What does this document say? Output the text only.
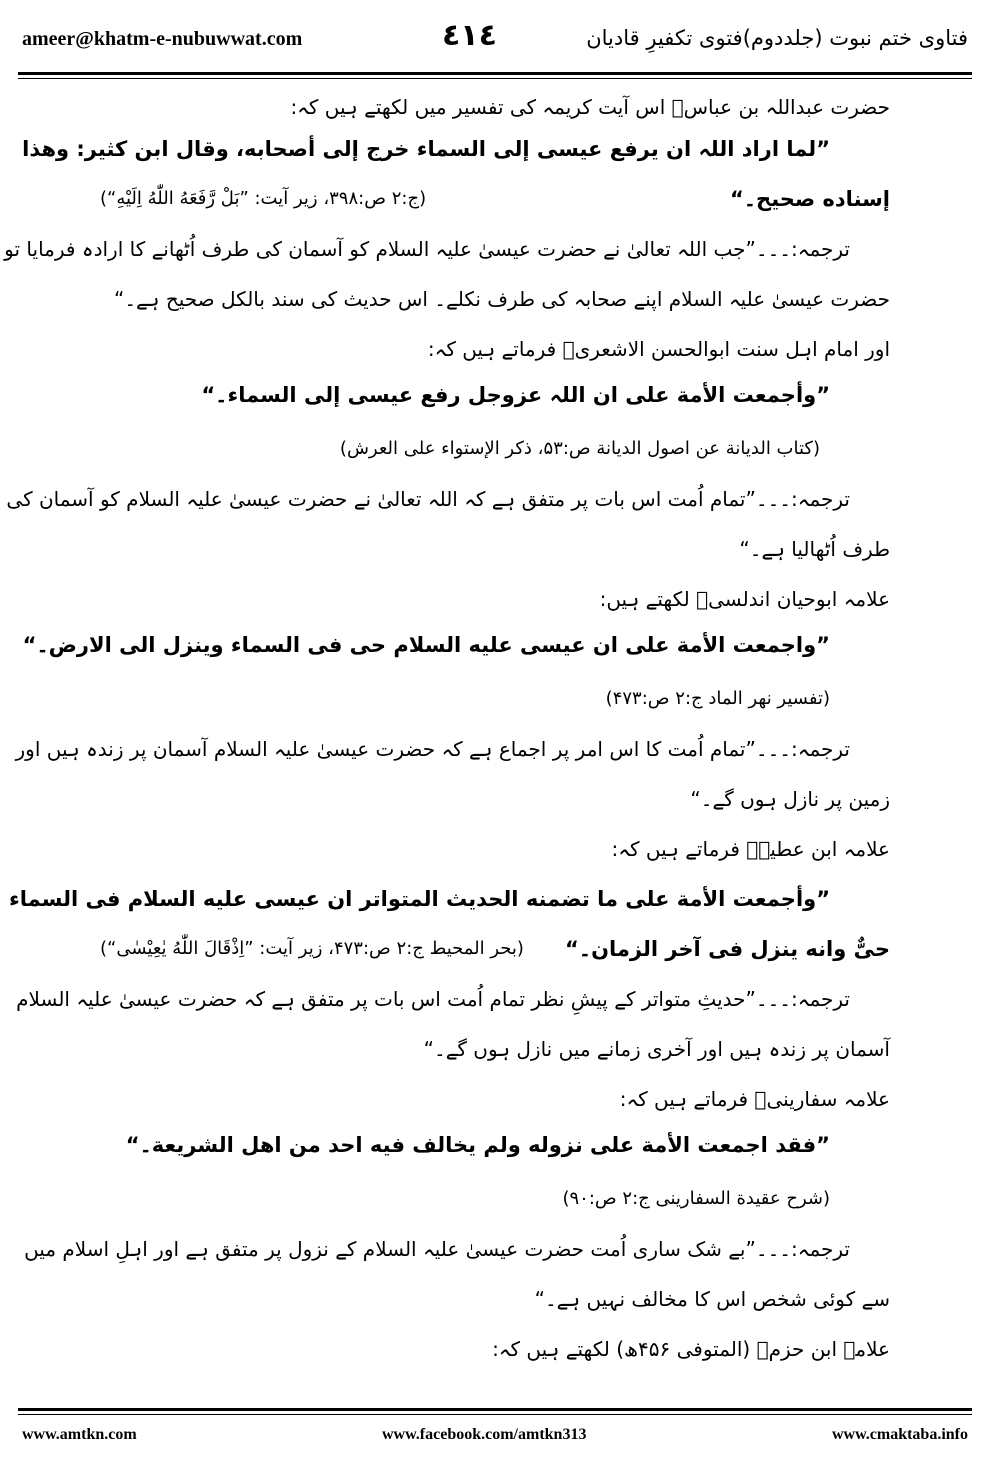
ameer@khatm-e-nubuwwat.com	٤١٤	فتاوی ختم نبوت (جلددوم)فتوی تکفیرِ قادیان
حضرت عبداللہ بن عباسؓ اس آیت کریمہ کی تفسیر میں لکھتے ہیں کہ:
”لما اراد اللہ ان یرفع عیسی إلی السماء خرج إلی أصحابه، وقال ابن کثیر: وهذا
إسناده صحیح۔“
(ج:۲ ص:۳۹۸، زیر آیت: ”بَلْ رَّفَعَهُ اللّٰهُ اِلَیْهِ“)
ترجمہ:۔۔۔”جب اللہ تعالیٰ نے حضرت عیسیٰ علیہ السلام کو آسمان کی طرف اُٹھانے کا ارادہ فرمایا تو
حضرت عیسیٰ علیہ السلام اپنے صحابہ کی طرف نکلے۔ اس حدیث کی سند بالکل صحیح ہے۔“
اور امام اہل سنت ابوالحسن الاشعریؒ فرماتے ہیں کہ:
”وأجمعت الأمة علی ان اللہ عزوجل رفع عیسی إلی السماء۔“
(کتاب الدیانة عن اصول الدیانة ص:۵۳، ذکر الإستواء علی العرش)
ترجمہ:۔۔۔”تمام اُمت اس بات پر متفق ہے کہ اللہ تعالیٰ نے حضرت عیسیٰ علیہ السلام کو آسمان کی
طرف اُٹھالیا ہے۔“
علامہ ابوحیان اندلسیؒ لکھتے ہیں:
”واجمعت الأمة علی ان عیسی علیه السلام حی فی السماء وینزل الی الارض۔“
(تفسیر نهر الماد ج:۲ ص:۴۷۳)
ترجمہ:۔۔۔”تمام اُمت کا اس امر پر اجماع ہے کہ حضرت عیسیٰ علیہ السلام آسمان پر زندہ ہیں اور
زمین پر نازل ہوں گے۔“
علامہ ابن عطیہؒ فرماتے ہیں کہ:
”وأجمعت الأمة علی ما تضمنه الحدیث المتواتر ان عیسی علیه السلام فی السماء
حیٌّ وانه ینزل فی آخر الزمان۔“
(بحر المحیط ج:۲ ص:۴۷۳، زیر آیت: ”اِذْقَالَ اللّٰهُ یٰعِیْسٰی“)
ترجمہ:۔۔۔”حدیثِ متواتر کے پیشِ نظر تمام اُمت اس بات پر متفق ہے کہ حضرت عیسیٰ علیہ السلام
آسمان پر زندہ ہیں اور آخری زمانے میں نازل ہوں گے۔“
علامہ سفارینیؒ فرماتے ہیں کہ:
”فقد اجمعت الأمة علی نزوله ولم یخالف فیه احد من اهل الشریعة۔“
(شرح عقیدة السفارینی ج:۲ ص:۹۰)
ترجمہ:۔۔۔”بے شک ساری اُمت حضرت عیسیٰ علیہ السلام کے نزول پر متفق ہے اور اہلِ اسلام میں
سے کوئی شخص اس کا مخالف نہیں ہے۔“
علامہ ابن حزمؒ (المتوفی ۴۵۶ھ) لکھتے ہیں کہ:
www.amtkn.com	www.facebook.com/amtkn313	www.cmaktaba.info
